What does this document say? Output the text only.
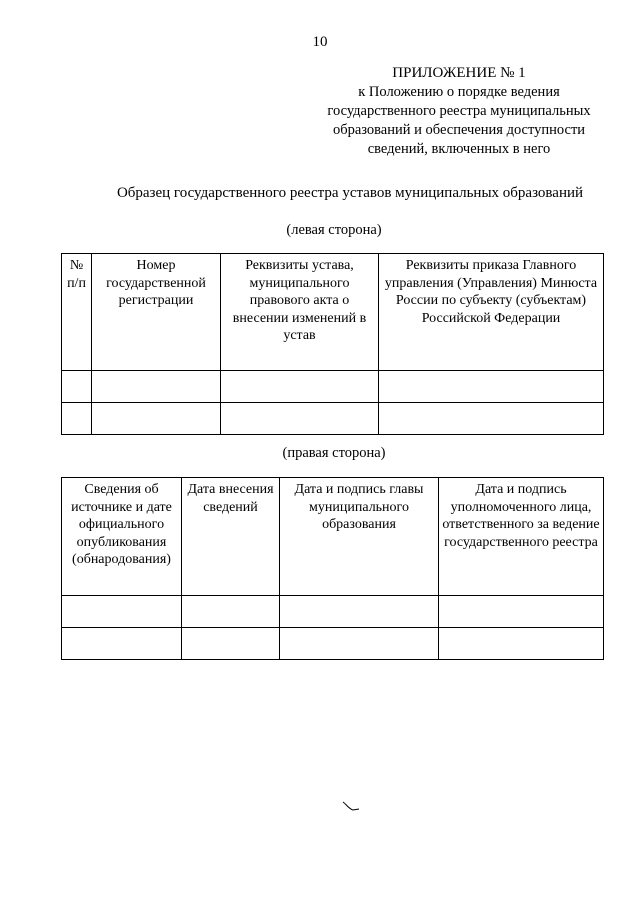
10
ПРИЛОЖЕНИЕ № 1
к Положению о порядке ведения
государственного реестра муниципальных
образований и обеспечения доступности
сведений, включенных в него
Образец государственного реестра уставов муниципальных образований
(левая сторона)
№ п/п	Номер государственной регистрации	Реквизиты устава, муниципального правового акта о внесении изменений в устав	Реквизиты приказа Главного управления (Управления) Минюста России по субъекту (субъектам) Российской Федерации

(правая сторона)
Сведения об источнике и дате официального опубликования (обнародования)	Дата внесения сведений	Дата и подпись главы муниципального образования	Дата и подпись уполномоченного лица, ответственного за ведение государственного реестра
